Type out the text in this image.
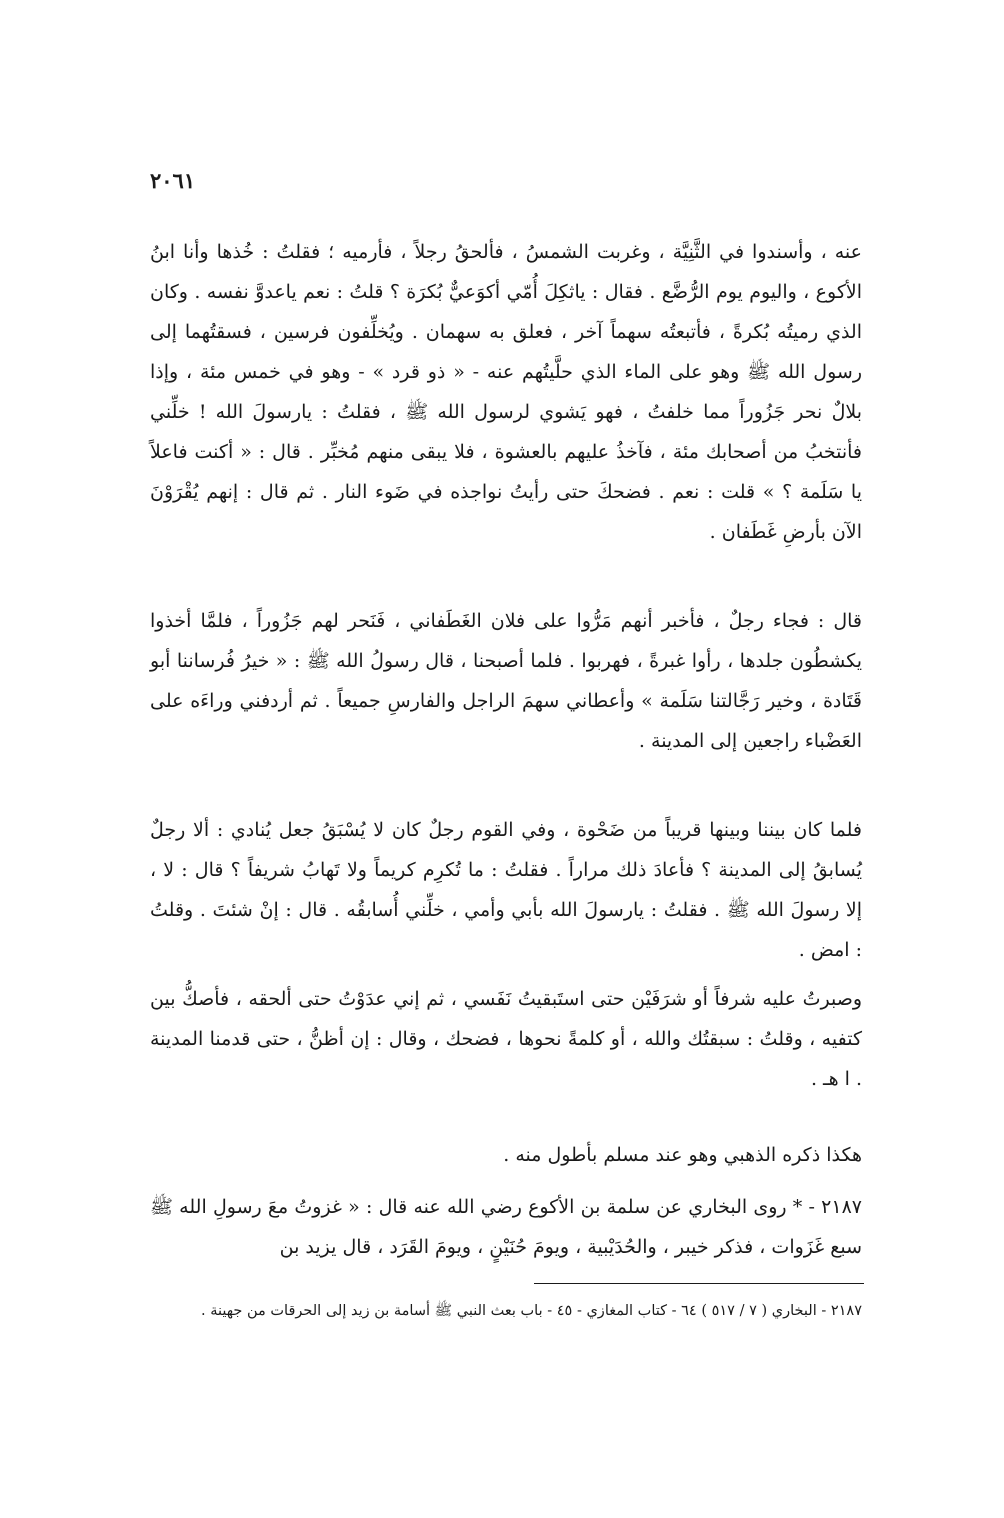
٢٠٦١

عنه ، وأسندوا في الثَّنِيَّة ، وغربت الشمسُ ، فألحقُ رجلاً ، فأرميه ؛ فقلتُ : خُذها وأنا ابنُ الأكوع ، واليوم يوم الرُّضَّع . فقال : ياثكِلَ أُمّي أكوَعيٌّ بُكرَة ؟ قلتُ : نعم ياعدوَّ نفسه . وكان الذي رميتُه بُكرةً ، فأتبعتُه سهماً آخر ، فعلق به سهمان . ويُخلِّفون فرسين ، فسقتُهما إلى رسول الله ﷺ وهو على الماء الذي حلَّيتُهم عنه - « ذو قرد » - وهو في خمس مئة ، وإذا بلالٌ نحر جَزُوراً مما خلفتُ ، فهو يَشوي لرسول الله ﷺ ، فقلتُ : يارسولَ الله ! خلِّني فأنتخبُ من أصحابك مئة ، فآخذُ عليهم بالعشوة ، فلا يبقى منهم مُخبِّر . قال : « أكنت فاعلاً يا سَلَمة ؟ » قلت : نعم . فضحكَ حتى رأيتُ نواجذه في ضَوء النار . ثم قال : إنهم يُقْرَوْنَ الآن بأرضِ غَطَفان .

قال : فجاء رجلٌ ، فأخبر أنهم مَرُّوا على فلان الغَطَفاني ، فَنَحر لهم جَزُوراً ، فلمَّا أخذوا يكشطُون جلدها ، رأوا غبرةً ، فهربوا . فلما أصبحنا ، قال رسولُ الله ﷺ : « خيرُ فُرساننا أبو قَتَادة ، وخير رَجَّالتنا سَلَمة » وأعطاني سهمَ الراجل والفارسِ جميعاً . ثم أردفني وراءَه على العَضْباء راجعين إلى المدينة .

فلما كان بيننا وبينها قريباً من ضَحْوة ، وفي القوم رجلٌ كان لا يُسْبَقُ جعل يُنادي : ألا رجلٌ يُسابقُ إلى المدينة ؟ فأعادَ ذلك مراراً . فقلتُ : ما تُكرِم كريماً ولا تَهابُ شريفاً ؟ قال : لا ، إلا رسولَ الله ﷺ . فقلتُ : يارسولَ الله بأبي وأمي ، خلِّني أُسابقُه . قال : إنْ شئتَ . وقلتُ : امض .

وصبرتُ عليه شرفاً أو شرَفَيْن حتى استَبقيتُ نَفَسي ، ثم إني عدَوْتُ حتى ألحقه ، فأصكُّ بين كتفيه ، وقلتُ : سبقتُك والله ، أو كلمةً نحوها ، فضحك ، وقال : إن أظنُّ ، حتى قدمنا المدينة . ا هـ .

هكذا ذكره الذهبي وهو عند مسلم بأطول منه .

٢١٨٧ - * روى البخاري عن سلمة بن الأكوع رضي الله عنه قال : « غزوتُ معَ رسولِ الله ﷺ سبع غَزَوات ، فذكر خيبر ، والحُدَيْبية ، ويومَ حُنَيْنٍ ، ويومَ القَرَد ، قال يزيد بن

٢١٨٧ - البخاري ( ٧ / ٥١٧ ) ٦٤ - كتاب المغازي - ٤٥ - باب بعث النبي ﷺ أسامة بن زيد إلى الحرقات من جهينة .
